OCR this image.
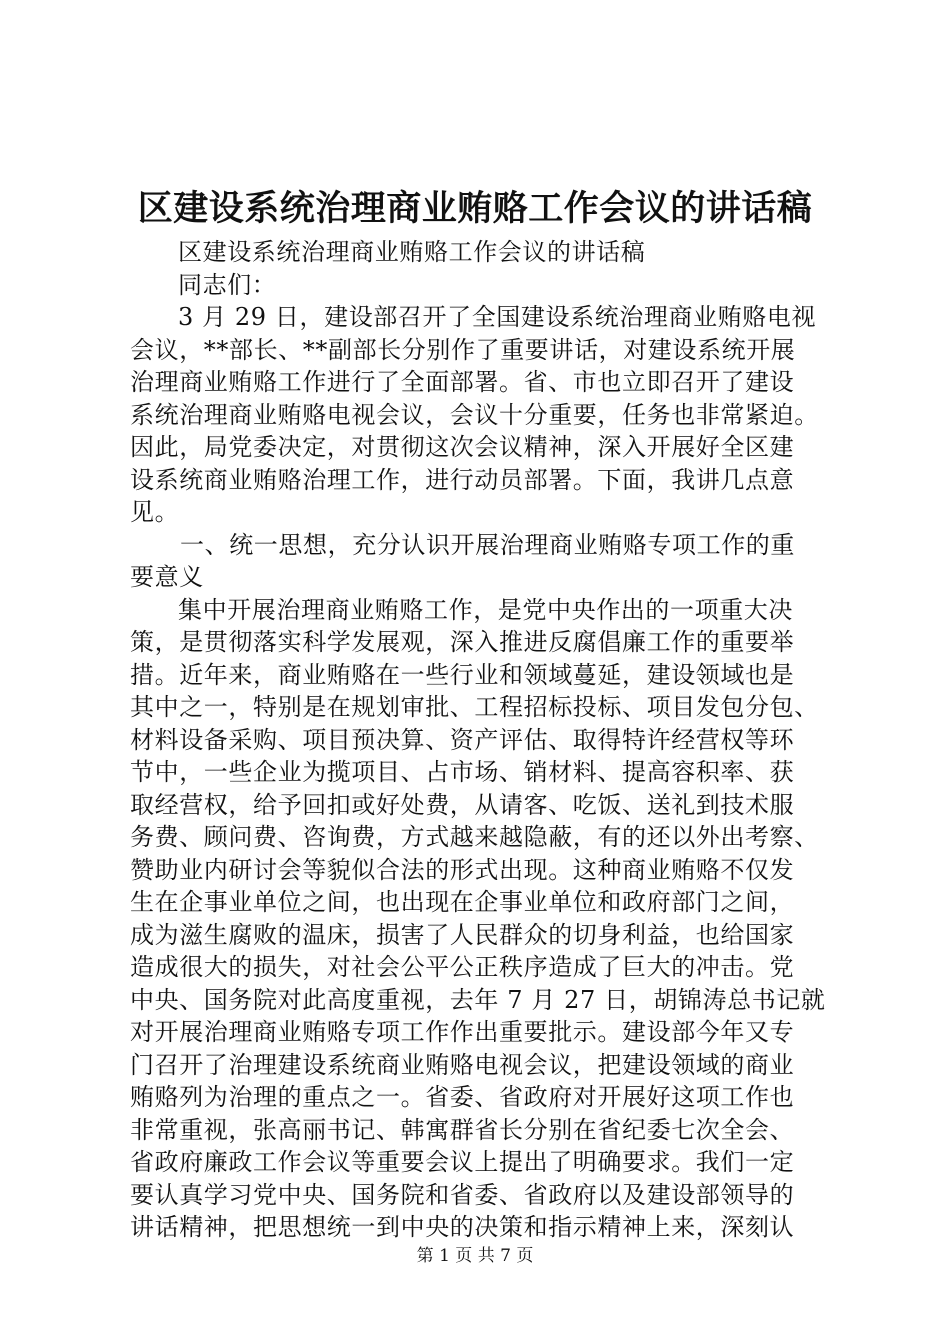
区建设系统治理商业贿赂工作会议的讲话稿
区建设系统治理商业贿赂工作会议的讲话稿
同志们：
3 月 29 日，建设部召开了全国建设系统治理商业贿赂电视
会议，**部长、**副部长分别作了重要讲话，对建设系统开展
治理商业贿赂工作进行了全面部署。省、市也立即召开了建设
系统治理商业贿赂电视会议，会议十分重要，任务也非常紧迫。
因此，局党委决定，对贯彻这次会议精神，深入开展好全区建
设系统商业贿赂治理工作，进行动员部署。下面，我讲几点意
见。
一、统一思想，充分认识开展治理商业贿赂专项工作的重
要意义
集中开展治理商业贿赂工作，是党中央作出的一项重大决
策，是贯彻落实科学发展观，深入推进反腐倡廉工作的重要举
措。近年来，商业贿赂在一些行业和领域蔓延，建设领域也是
其中之一，特别是在规划审批、工程招标投标、项目发包分包、
材料设备采购、项目预决算、资产评估、取得特许经营权等环
节中，一些企业为揽项目、占市场、销材料、提高容积率、获
取经营权，给予回扣或好处费，从请客、吃饭、送礼到技术服
务费、顾问费、咨询费，方式越来越隐蔽，有的还以外出考察、
赞助业内研讨会等貌似合法的形式出现。这种商业贿赂不仅发
生在企事业单位之间，也出现在企事业单位和政府部门之间，
成为滋生腐败的温床，损害了人民群众的切身利益，也给国家
造成很大的损失，对社会公平公正秩序造成了巨大的冲击。党
中央、国务院对此高度重视，去年 7 月 27 日，胡锦涛总书记就
对开展治理商业贿赂专项工作作出重要批示。建设部今年又专
门召开了治理建设系统商业贿赂电视会议，把建设领域的商业
贿赂列为治理的重点之一。省委、省政府对开展好这项工作也
非常重视，张高丽书记、韩寓群省长分别在省纪委七次全会、
省政府廉政工作会议等重要会议上提出了明确要求。我们一定
要认真学习党中央、国务院和省委、省政府以及建设部领导的
讲话精神，把思想统一到中央的决策和指示精神上来，深刻认
第 1 页 共 7 页
